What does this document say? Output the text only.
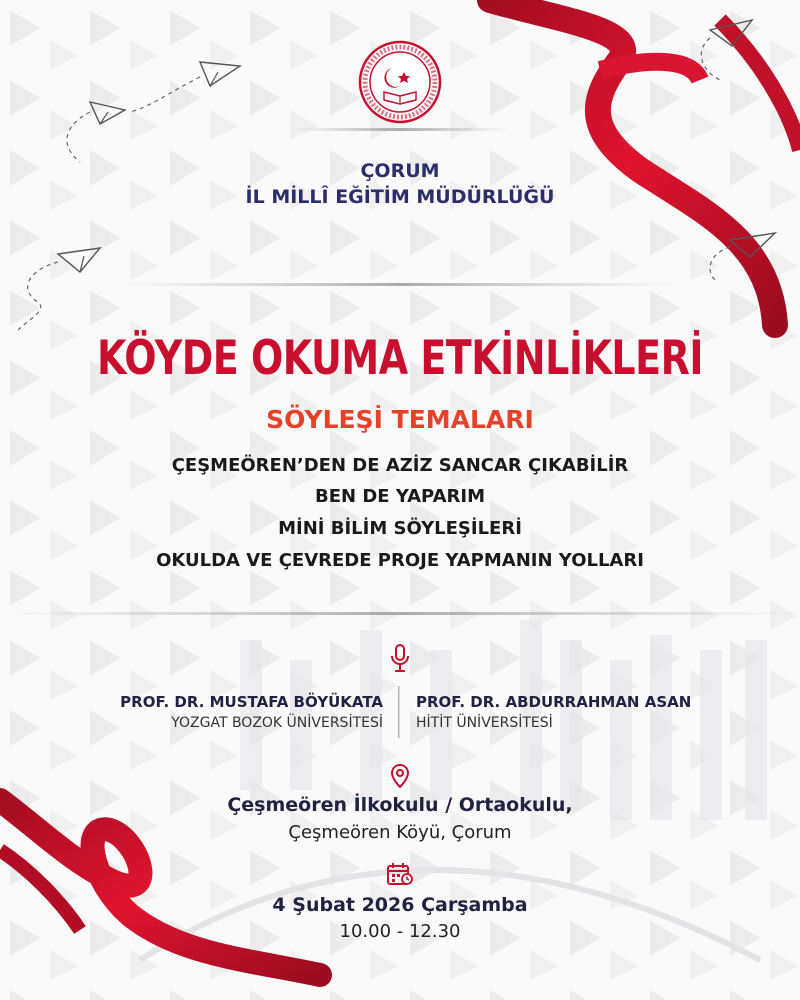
ÇORUM
İL MİLLÎ EĞİTİM MÜDÜRLÜĞÜ
KÖYDE OKUMA ETKİNLİKLERİ
SÖYLEŞİ TEMALARI
ÇEŞMEÖREN’DEN DE AZİZ SANCAR ÇIKABİLİR
BEN DE YAPARIM
MİNİ BİLİM SÖYLEŞİLERİ
OKULDA VE ÇEVREDE PROJE YAPMANIN YOLLARI
PROF. DR. MUSTAFA BÖYÜKATA
YOZGAT BOZOK ÜNİVERSİTESİ
PROF. DR. ABDURRAHMAN ASAN
HİTİT ÜNİVERSİTESİ
Çeşmeören İlkokulu / Ortaokulu,
Çeşmeören Köyü, Çorum
4 Şubat 2026 Çarşamba
10.00 - 12.30
